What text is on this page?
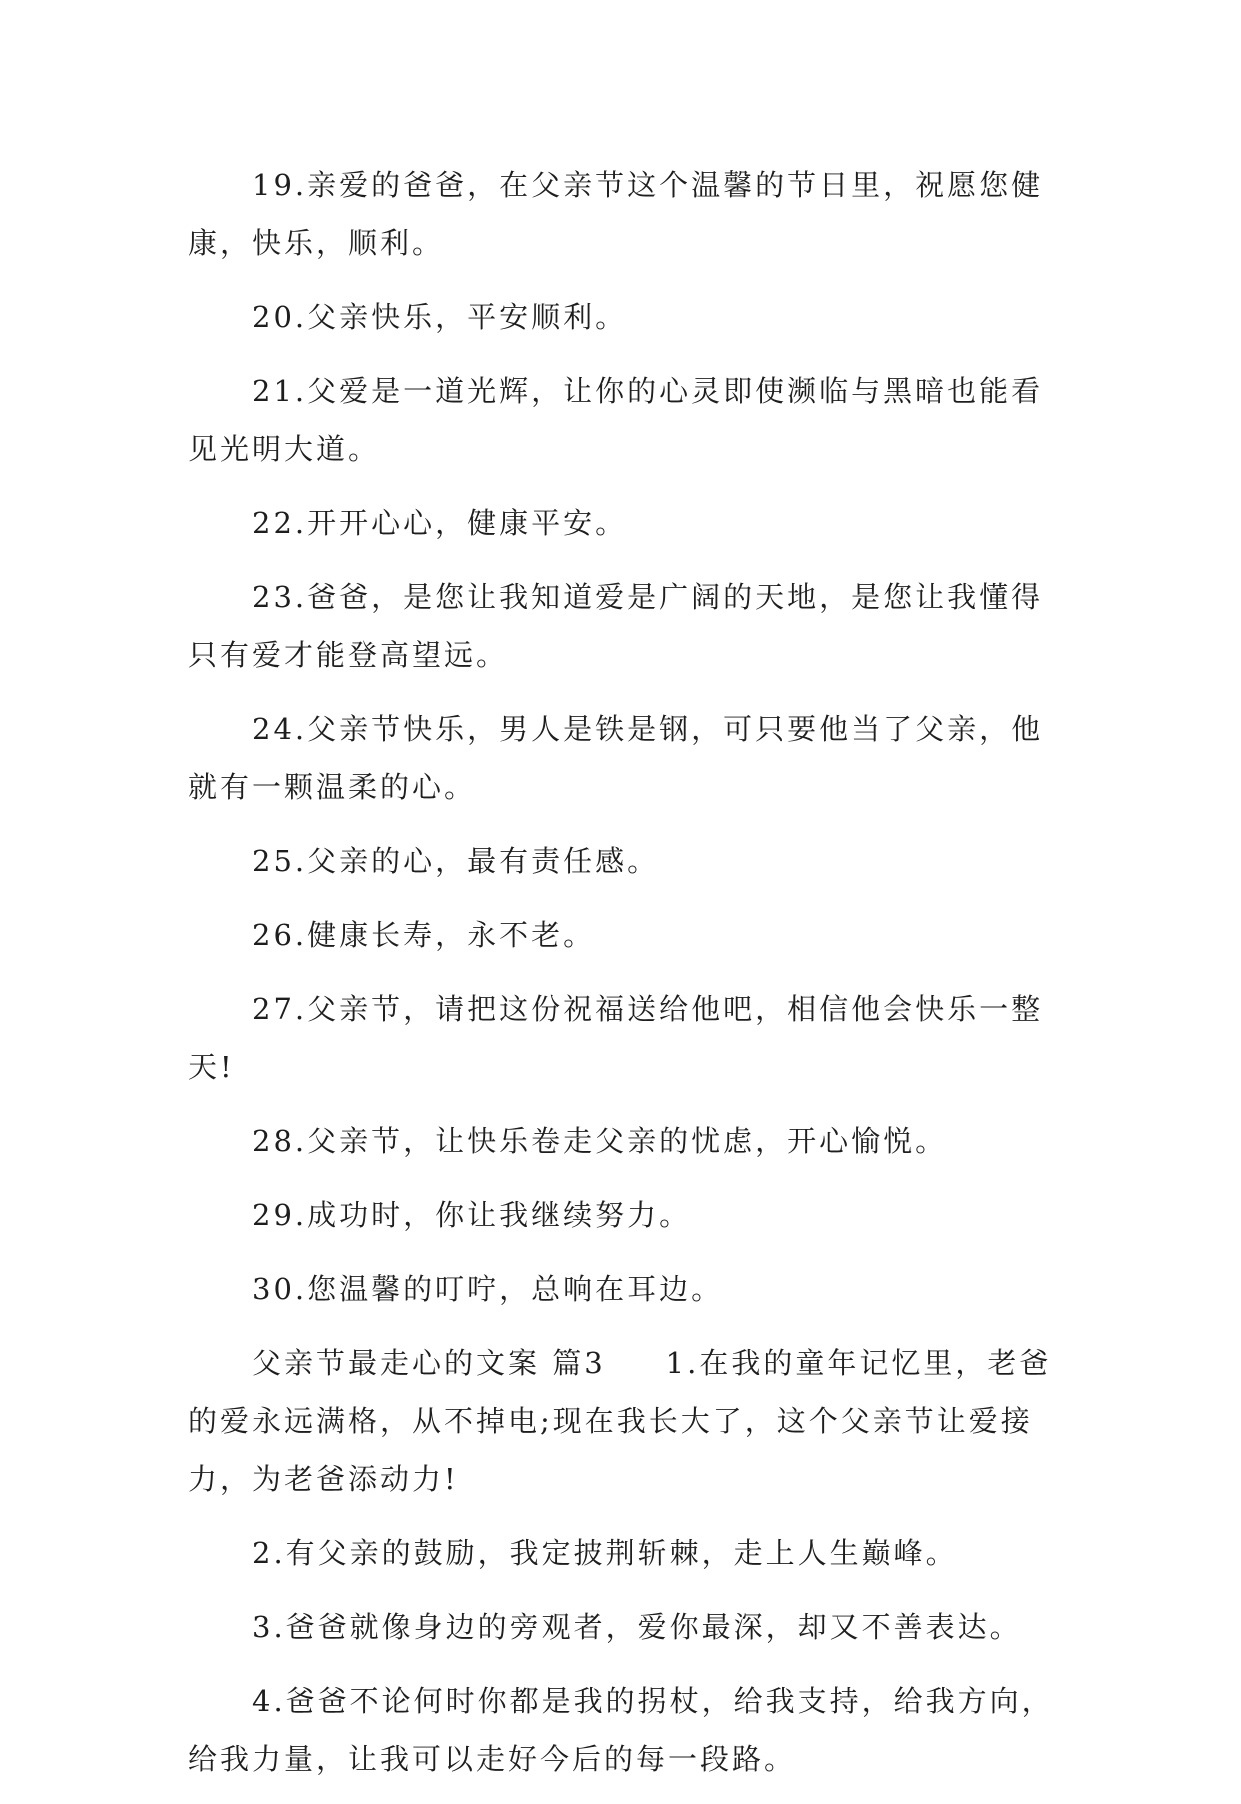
19.亲爱的爸爸，在父亲节这个温馨的节日里，祝愿您健康，快乐，顺利。

20.父亲快乐，平安顺利。

21.父爱是一道光辉，让你的心灵即使濒临与黑暗也能看见光明大道。

22.开开心心，健康平安。

23.爸爸，是您让我知道爱是广阔的天地，是您让我懂得只有爱才能登高望远。

24.父亲节快乐，男人是铁是钢，可只要他当了父亲，他就有一颗温柔的心。

25.父亲的心，最有责任感。

26.健康长寿，永不老。

27.父亲节，请把这份祝福送给他吧，相信他会快乐一整天!

28.父亲节，让快乐卷走父亲的忧虑，开心愉悦。

29.成功时，你让我继续努力。

30.您温馨的叮咛，总响在耳边。

父亲节最走心的文案 篇3 1.在我的童年记忆里，老爸的爱永远满格，从不掉电;现在我长大了，这个父亲节让爱接力，为老爸添动力!

2.有父亲的鼓励，我定披荆斩棘，走上人生巅峰。

3.爸爸就像身边的旁观者，爱你最深，却又不善表达。

4.爸爸不论何时你都是我的拐杖，给我支持，给我方向，给我力量，让我可以走好今后的每一段路。
